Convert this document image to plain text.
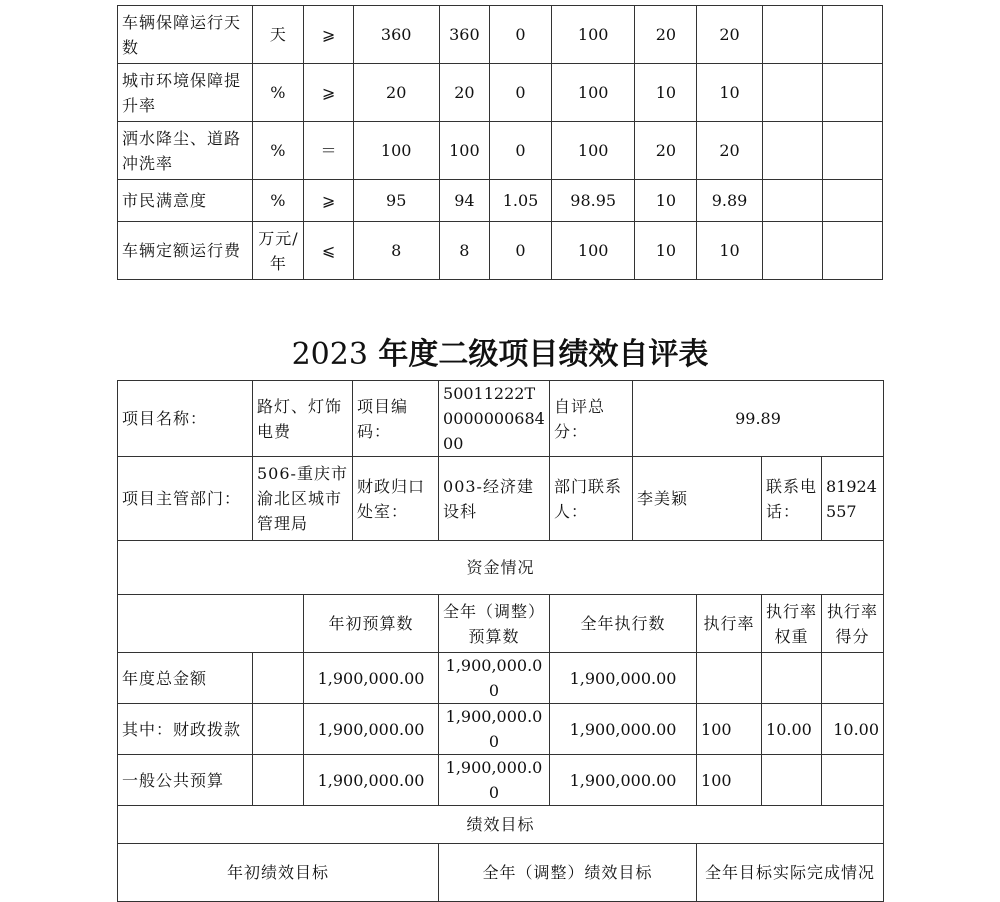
车辆保障运行天数	天	⩾	360	360	0	100	20	20		
城市环境保障提升率	%	⩾	20	20	0	100	10	10		
洒水降尘、道路冲洗率	%	＝	100	100	0	100	20	20		
市民满意度	%	⩾	95	94	1.05	98.95	10	9.89		
车辆定额运行费	万元/年	⩽	8	8	0	100	10	10		
2023 年度二级项目绩效自评表
项目名称：	路灯、灯饰电费		项目编码：	50011222T000000068400	自评总分：	99.89			
项目主管部门：	506-重庆市渝北区城市管理局		财政归口处室：	003-经济建设科	部门联系人：	李美颖		联系电话：	81924557
资金情况									
		年初预算数		全年（调整）预算数	全年执行数		执行率	执行率权重	执行率得分
年度总金额		1,900,000.00		1,900,000.00	1,900,000.00				
其中：财政拨款		1,900,000.00		1,900,000.00	1,900,000.00		100	10.00	10.00
一般公共预算		1,900,000.00		1,900,000.00	1,900,000.00		100		
绩效目标									
年初绩效目标				全年（调整）绩效目标			全年目标实际完成情况		
